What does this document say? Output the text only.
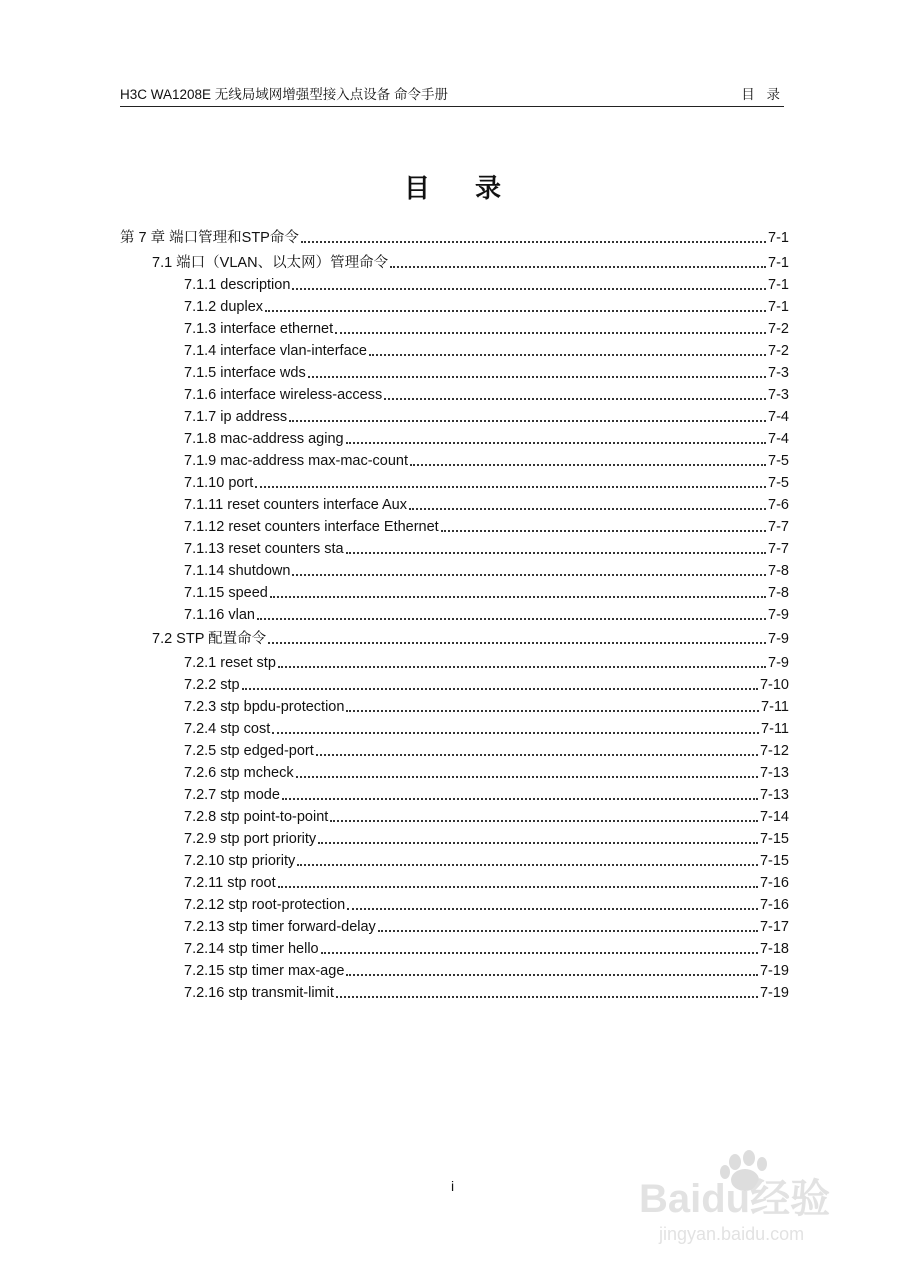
H3C WA1208E 无线局域网增强型接入点设备 命令手册	目 录
目 录
第 7 章 端口管理和STP命令	7-1
7.1 端口（VLAN、以太网）管理命令	7-1
7.1.1 description	7-1
7.1.2 duplex	7-1
7.1.3 interface ethernet	7-2
7.1.4 interface vlan-interface	7-2
7.1.5 interface wds	7-3
7.1.6 interface wireless-access	7-3
7.1.7 ip address	7-4
7.1.8 mac-address aging	7-4
7.1.9 mac-address max-mac-count	7-5
7.1.10 port	7-5
7.1.11 reset counters interface Aux	7-6
7.1.12 reset counters interface Ethernet	7-7
7.1.13 reset counters sta	7-7
7.1.14 shutdown	7-8
7.1.15 speed	7-8
7.1.16 vlan	7-9
7.2 STP 配置命令	7-9
7.2.1 reset stp	7-9
7.2.2 stp	7-10
7.2.3 stp bpdu-protection	7-11
7.2.4 stp cost	7-11
7.2.5 stp edged-port	7-12
7.2.6 stp mcheck	7-13
7.2.7 stp mode	7-13
7.2.8 stp point-to-point	7-14
7.2.9 stp port priority	7-15
7.2.10 stp priority	7-15
7.2.11 stp root	7-16
7.2.12 stp root-protection	7-16
7.2.13 stp timer forward-delay	7-17
7.2.14 stp timer hello	7-18
7.2.15 stp timer max-age	7-19
7.2.16 stp transmit-limit	7-19
i	Baidu经验
jingyan.baidu.com
